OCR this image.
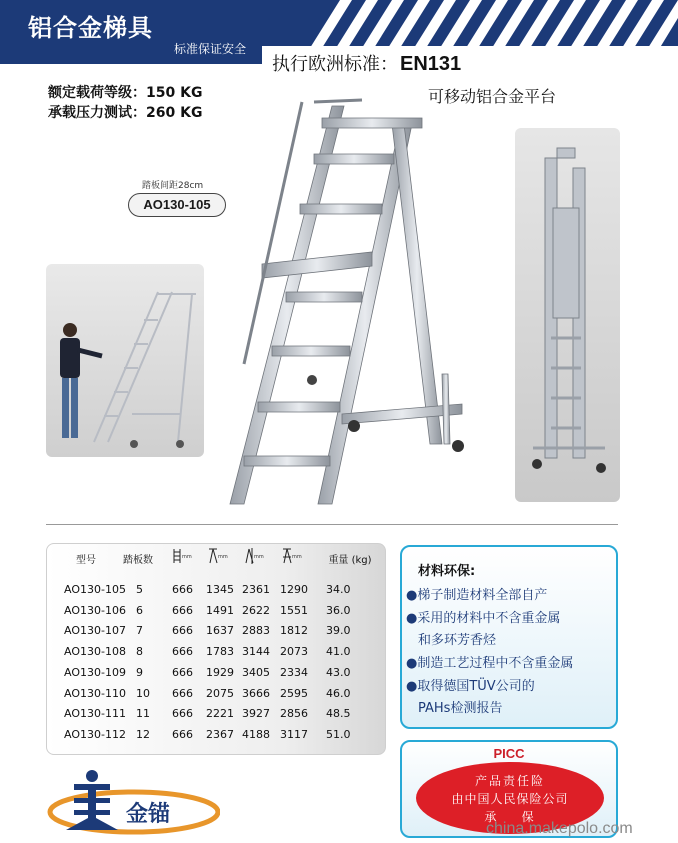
铝合金梯具
标准保证安全
执行欧洲标准： EN131
额定载荷等级：150 KG
承载压力测试：260 KG
可移动铝合金平台
踏板间距28cm
AO130-105
型号	踏板数	mm	mm	mm	mm	重量 (kg)
AO130-105 5	666 1345 2361 1290 34.0
AO130-106 6	666 1491 2622 1551 36.0
AO130-107 7	666 1637 2883 1812 39.0
AO130-108 8	666 1783 3144 2073 41.0
AO130-109 9	666 1929 3405 2334 43.0
AO130-110 10 666 2075 3666 2595 46.0
AO130-111 11 666 2221 3927 2856 48.5
AO130-112 12 666 2367 4188 3117 51.0
材料环保:
●梯子制造材料全部自产
●采用的材料中不含重金属
和多环芳香烃
●制造工艺过程中不含重金属
●取得德国TÜV公司的
PAHs检测报告
PICC
产品责任险
由中国人民保险公司
承    保
金锚
china.makepolo.com
